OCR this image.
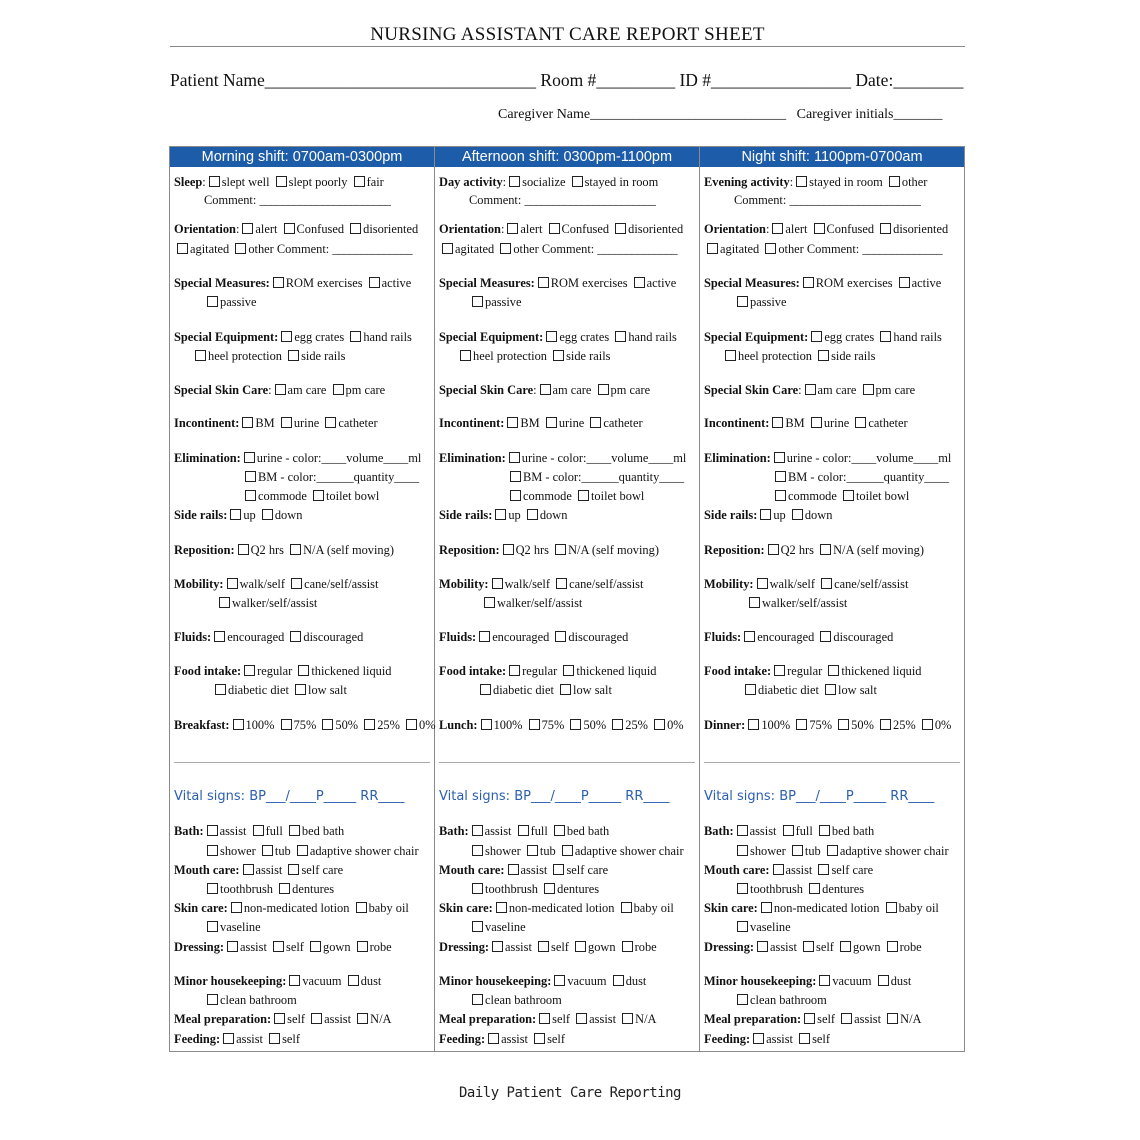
NURSING ASSISTANT CARE REPORT SHEET
Patient Name_______________________________ Room #_________ ID #________________ Date:________
Caregiver Name____________________________ Caregiver initials_______
Morning shift: 0700am-0300pm	Afternoon shift: 0300pm-1100pm	Night shift: 1100pm-0700am
Sleep: slept well slept poorly fair
Comment: _______________________
Orientation: alert Confused disoriented
agitated other Comment: ______________
Special Measures: ROM exercises active
passive
Special Equipment: egg crates hand rails
heel protection side rails
Special Skin Care: am care pm care
Incontinent: BM urine catheter
Elimination: urine - color:____volume____ml
BM - color:______quantity____
commode toilet bowl
Side rails: up down
Reposition: Q2 hrs N/A (self moving)
Mobility: walk/self cane/self/assist
walker/self/assist
Fluids: encouraged discouraged
Food intake: regular thickened liquid
diabetic diet low salt
Breakfast: 100% 75% 50% 25% 0%
Bath: assist full bed bath
shower tub adaptive shower chair
Mouth care: assist self care
toothbrush dentures
Skin care: non-medicated lotion baby oil
vaseline
Dressing: assist self gown robe
Minor housekeeping: vacuum dust
clean bathroom
Meal preparation: self assist N/A
Feeding: assist self
Vital signs: BP___/____P_____ RR____
Day activity: socialize stayed in room
Comment: _______________________
Orientation: alert Confused disoriented
agitated other Comment: ______________
Special Measures: ROM exercises active
passive
Special Equipment: egg crates hand rails
heel protection side rails
Special Skin Care: am care pm care
Incontinent: BM urine catheter
Elimination: urine - color:____volume____ml
BM - color:______quantity____
commode toilet bowl
Side rails: up down
Reposition: Q2 hrs N/A (self moving)
Mobility: walk/self cane/self/assist
walker/self/assist
Fluids: encouraged discouraged
Food intake: regular thickened liquid
diabetic diet low salt
Lunch: 100% 75% 50% 25% 0%
Bath: assist full bed bath
shower tub adaptive shower chair
Mouth care: assist self care
toothbrush dentures
Skin care: non-medicated lotion baby oil
vaseline
Dressing: assist self gown robe
Minor housekeeping: vacuum dust
clean bathroom
Meal preparation: self assist N/A
Feeding: assist self
Vital signs: BP___/____P_____ RR____
Evening activity: stayed in room other
Comment: _______________________
Orientation: alert Confused disoriented
agitated other Comment: ______________
Special Measures: ROM exercises active
passive
Special Equipment: egg crates hand rails
heel protection side rails
Special Skin Care: am care pm care
Incontinent: BM urine catheter
Elimination: urine - color:____volume____ml
BM - color:______quantity____
commode toilet bowl
Side rails: up down
Reposition: Q2 hrs N/A (self moving)
Mobility: walk/self cane/self/assist
walker/self/assist
Fluids: encouraged discouraged
Food intake: regular thickened liquid
diabetic diet low salt
Dinner: 100% 75% 50% 25% 0%
Bath: assist full bed bath
shower tub adaptive shower chair
Mouth care: assist self care
toothbrush dentures
Skin care: non-medicated lotion baby oil
vaseline
Dressing: assist self gown robe
Minor housekeeping: vacuum dust
clean bathroom
Meal preparation: self assist N/A
Feeding: assist self
Vital signs: BP___/____P_____ RR____
Daily Patient Care Reporting
